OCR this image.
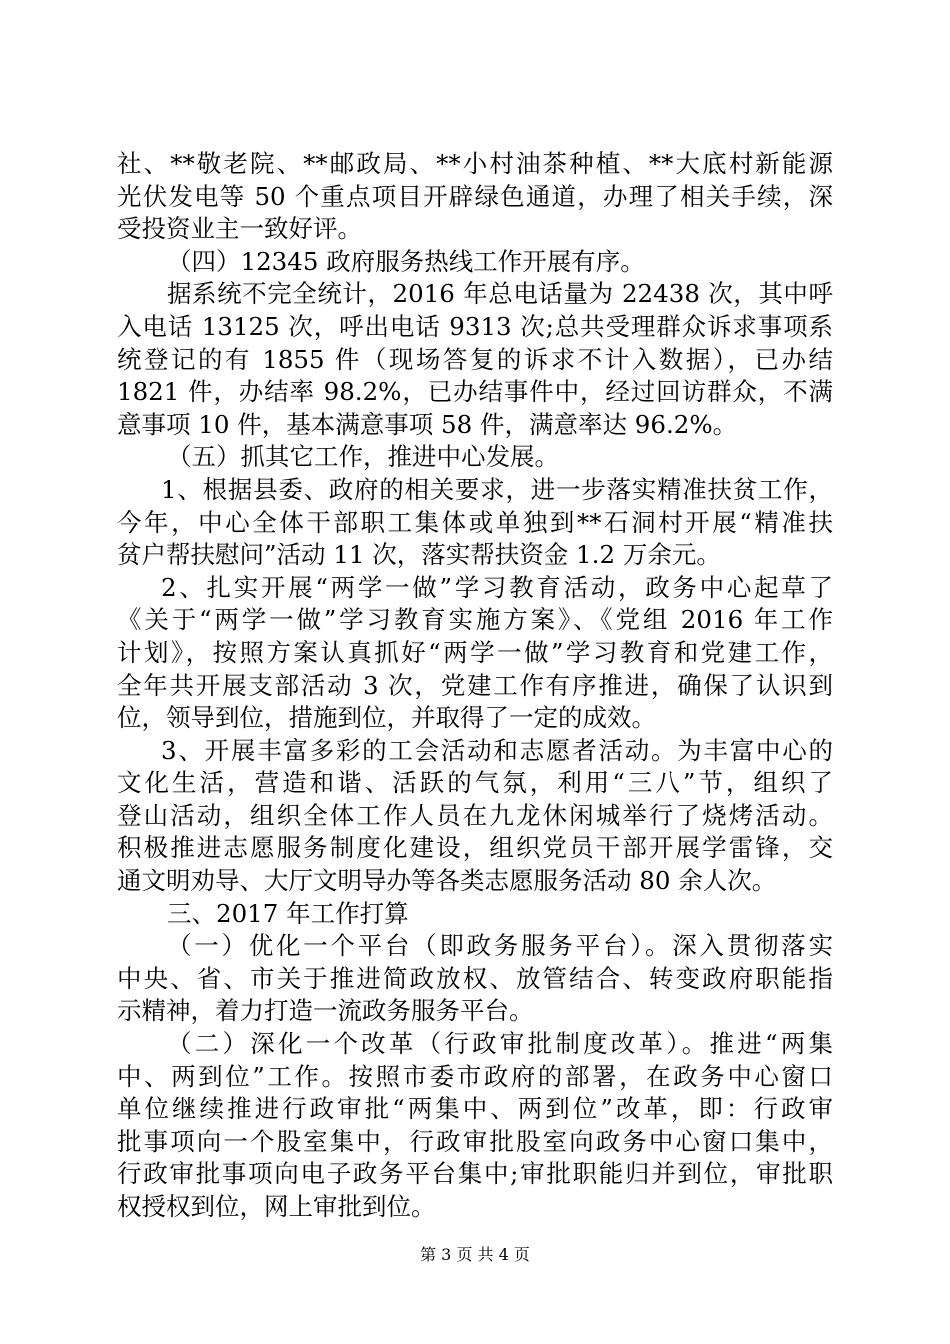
社、**敬老院、**邮政局、**小村油茶种植、**大底村新能源
光伏发电等 50 个重点项目开辟绿色通道，办理了相关手续，深
受投资业主一致好评。
（四）12345 政府服务热线工作开展有序。
据系统不完全统计，2016 年总电话量为 22438 次，其中呼
入电话 13125 次，呼出电话 9313 次;总共受理群众诉求事项系
统登记的有 1855 件（现场答复的诉求不计入数据），已办结
1821 件，办结率 98.2%，已办结事件中，经过回访群众，不满
意事项 10 件，基本满意事项 58 件，满意率达 96.2%。
（五）抓其它工作，推进中心发展。
1、根据县委、政府的相关要求，进一步落实精准扶贫工作，
今年，中心全体干部职工集体或单独到**石洞村开展“精准扶
贫户帮扶慰问”活动 11 次，落实帮扶资金 1.2 万余元。
2、扎实开展“两学一做”学习教育活动，政务中心起草了
《关于“两学一做”学习教育实施方案》、《党组 2016 年工作
计划》，按照方案认真抓好“两学一做”学习教育和党建工作，
全年共开展支部活动 3 次，党建工作有序推进，确保了认识到
位，领导到位，措施到位，并取得了一定的成效。
3、开展丰富多彩的工会活动和志愿者活动。为丰富中心的
文化生活，营造和谐、活跃的气氛，利用“三八”节，组织了
登山活动，组织全体工作人员在九龙休闲城举行了烧烤活动。
积极推进志愿服务制度化建设，组织党员干部开展学雷锋，交
通文明劝导、大厅文明导办等各类志愿服务活动 80 余人次。
三、2017 年工作打算
（一）优化一个平台（即政务服务平台）。深入贯彻落实
中央、省、市关于推进简政放权、放管结合、转变政府职能指
示精神，着力打造一流政务服务平台。
（二）深化一个改革（行政审批制度改革）。推进“两集
中、两到位”工作。按照市委市政府的部署，在政务中心窗口
单位继续推进行政审批“两集中、两到位”改革，即：行政审
批事项向一个股室集中，行政审批股室向政务中心窗口集中，
行政审批事项向电子政务平台集中;审批职能归并到位，审批职
权授权到位，网上审批到位。
第 3 页 共 4 页
